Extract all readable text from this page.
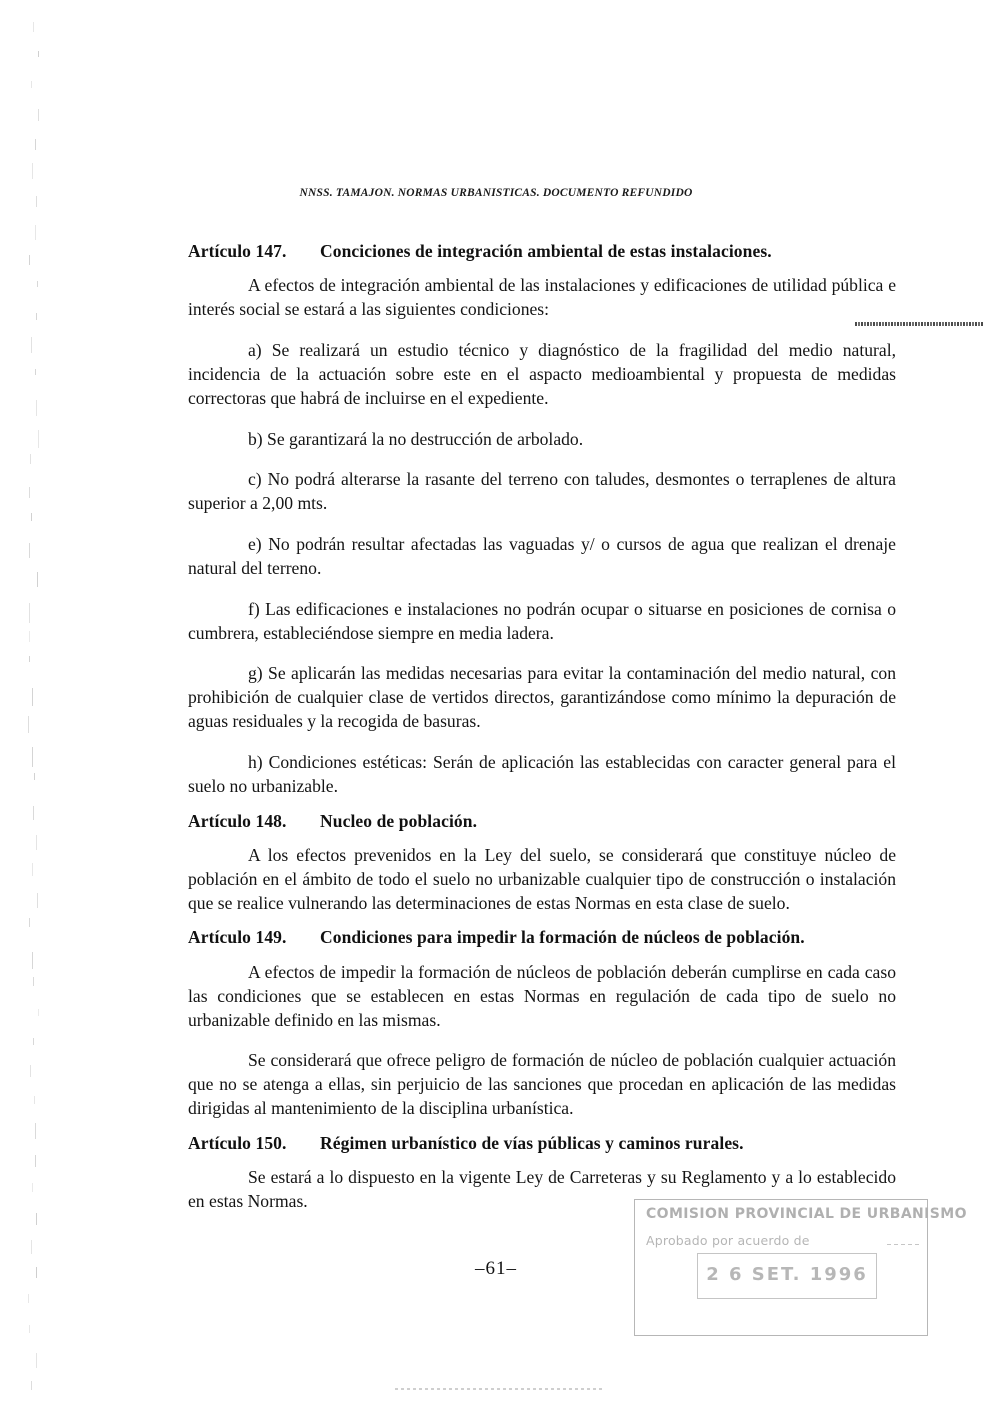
NNSS. TAMAJON. NORMAS URBANISTICAS. DOCUMENTO REFUNDIDO
Artículo 147. Conciciones de integración ambiental de estas instalaciones.

A efectos de integración ambiental de las instalaciones y edificaciones de utilidad pública e interés social se estará a las siguientes condiciones:

a) Se realizará un estudio técnico y diagnóstico de la fragilidad del medio natural, incidencia de la actuación sobre este en el aspacto medioambiental y propuesta de medidas correctoras que habrá de incluirse en el expediente.

b) Se garantizará la no destrucción de arbolado.

c) No podrá alterarse la rasante del terreno con taludes, desmontes o terraplenes de altura superior a 2,00 mts.

e) No podrán resultar afectadas las vaguadas y/ o cursos de agua que realizan el drenaje natural del terreno.

f) Las edificaciones e instalaciones no podrán ocupar o situarse en posiciones de cornisa o cumbrera, estableciéndose siempre en media ladera.

g) Se aplicarán las medidas necesarias para evitar la contaminación del medio natural, con prohibición de cualquier clase de vertidos directos, garantizándose como mínimo la depuración de aguas residuales y la recogida de basuras.

h) Condiciones estéticas: Serán de aplicación las establecidas con caracter general para el suelo no urbanizable.

Artículo 148. Nucleo de población.

A los efectos prevenidos en la Ley del suelo, se considerará que constituye núcleo de población en el ámbito de todo el suelo no urbanizable cualquier tipo de construcción o instalación que se realice vulnerando las determinaciones de estas Normas en esta clase de suelo.

Artículo 149. Condiciones para impedir la formación de núcleos de población.

A efectos de impedir la formación de núcleos de población deberán cumplirse en cada caso las condiciones que se establecen en estas Normas en regulación de cada tipo de suelo no urbanizable definido en las mismas.

Se considerará que ofrece peligro de formación de núcleo de población cualquier actuación que no se atenga a ellas, sin perjuicio de las sanciones que procedan en aplicación de las medidas dirigidas al mantenimiento de la disciplina urbanística.

Artículo 150. Régimen urbanístico de vías públicas y caminos rurales.

Se estará a lo dispuesto en la vigente Ley de Carreteras y su Reglamento y a lo establecido en estas Normas.

–61–
COMISION PROVINCIAL DE URBANISMO
Aprobado por acuerdo de
2 6 SET. 1996
